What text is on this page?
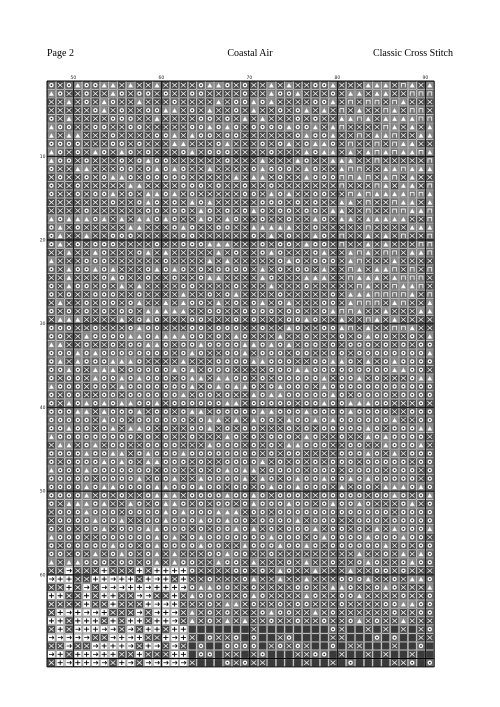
Page 2	Coastal Air	Classic Cross Stitch
50	60	70	80	90
10
20
30
40
50
60
